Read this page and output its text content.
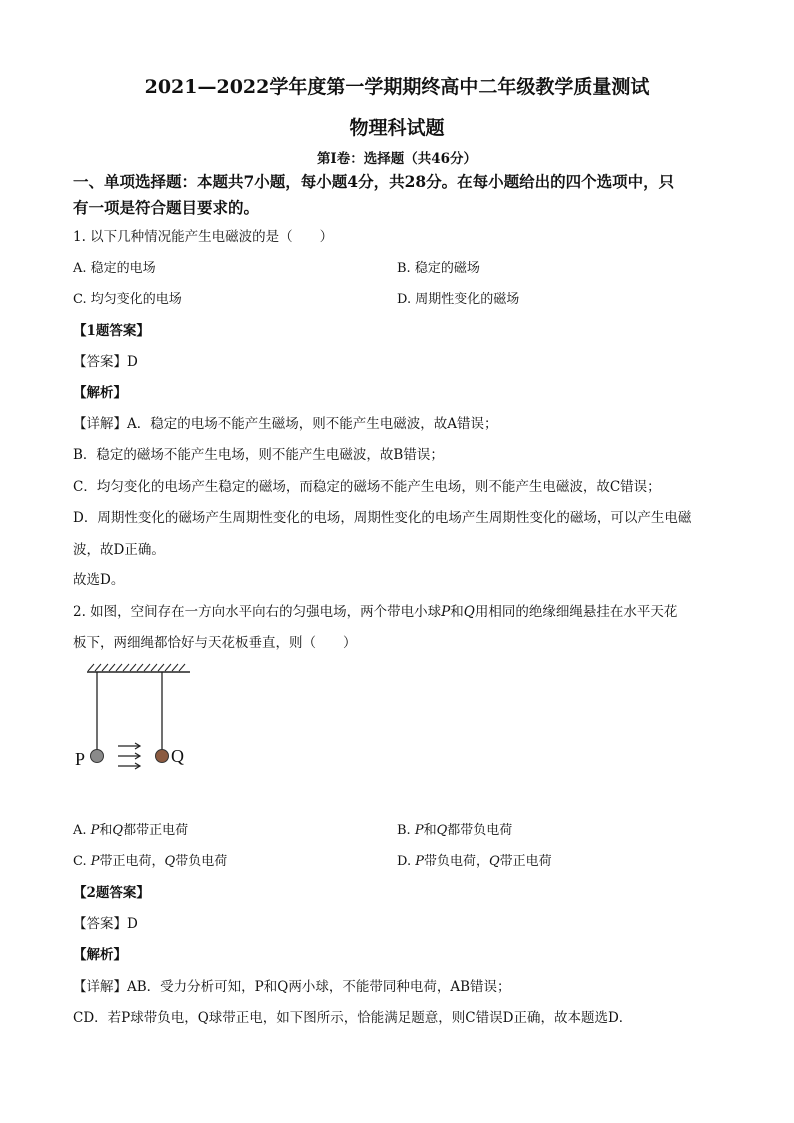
2021—2022学年度第一学期期终高中二年级教学质量测试
物理科试题
第Ⅰ卷：选择题（共46分）
一、单项选择题：本题共7小题，每小题4分，共28分。在每小题给出的四个选项中，只
有一项是符合题目要求的。
1. 以下几种情况能产生电磁波的是（　　）
A. 稳定的电场	B. 稳定的磁场
C. 均匀变化的电场	D. 周期性变化的磁场
【1题答案】
【答案】D
【解析】
【详解】A．稳定的电场不能产生磁场，则不能产生电磁波，故A错误；
B．稳定的磁场不能产生电场，则不能产生电磁波，故B错误；
C．均匀变化的电场产生稳定的磁场，而稳定的磁场不能产生电场，则不能产生电磁波，故C错误；
D．周期性变化的磁场产生周期性变化的电场，周期性变化的电场产生周期性变化的磁场，可以产生电磁
波，故D正确。
故选D。
2. 如图，空间存在一方向水平向右的匀强电场，两个带电小球P和Q用相同的绝缘细绳悬挂在水平天花
板下，两细绳都恰好与天花板垂直，则（　　）
P	Q
A. P和Q都带正电荷	B. P和Q都带负电荷
C. P带正电荷，Q带负电荷	D. P带负电荷，Q带正电荷
【2题答案】
【答案】D
【解析】
【详解】AB．受力分析可知，P和Q两小球，不能带同种电荷，AB错误；
CD．若P球带负电，Q球带正电，如下图所示，恰能满足题意，则C错误D正确，故本题选D．
